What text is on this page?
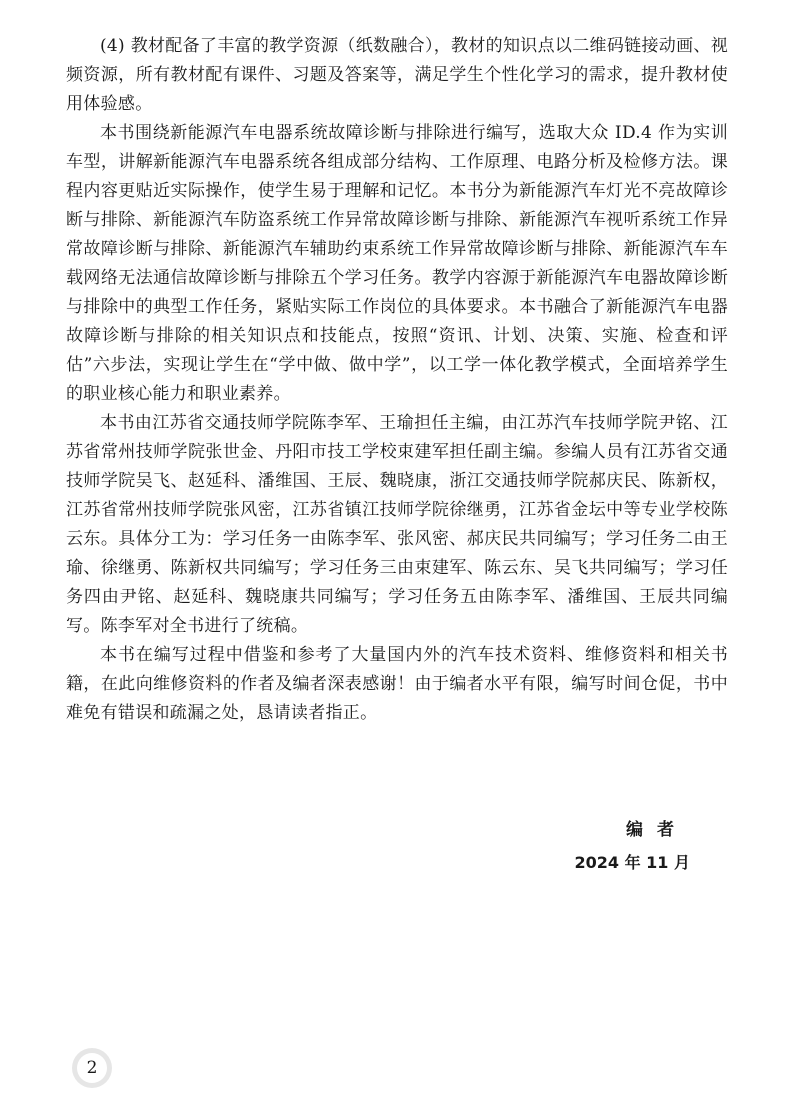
(4) 教材配备了丰富的教学资源（纸数融合），教材的知识点以二维码链接动画、视频资源，所有教材配有课件、习题及答案等，满足学生个性化学习的需求，提升教材使用体验感。

本书围绕新能源汽车电器系统故障诊断与排除进行编写，选取大众 ID.4 作为实训车型，讲解新能源汽车电器系统各组成部分结构、工作原理、电路分析及检修方法。课程内容更贴近实际操作，使学生易于理解和记忆。本书分为新能源汽车灯光不亮故障诊断与排除、新能源汽车防盗系统工作异常故障诊断与排除、新能源汽车视听系统工作异常故障诊断与排除、新能源汽车辅助约束系统工作异常故障诊断与排除、新能源汽车车载网络无法通信故障诊断与排除五个学习任务。教学内容源于新能源汽车电器故障诊断与排除中的典型工作任务，紧贴实际工作岗位的具体要求。本书融合了新能源汽车电器故障诊断与排除的相关知识点和技能点，按照“资讯、计划、决策、实施、检查和评估”六步法，实现让学生在“学中做、做中学”，以工学一体化教学模式，全面培养学生的职业核心能力和职业素养。

本书由江苏省交通技师学院陈李军、王瑜担任主编，由江苏汽车技师学院尹铭、江苏省常州技师学院张世金、丹阳市技工学校束建军担任副主编。参编人员有江苏省交通技师学院吴飞、赵延科、潘维国、王辰、魏晓康，浙江交通技师学院郝庆民、陈新权，江苏省常州技师学院张风密，江苏省镇江技师学院徐继勇，江苏省金坛中等专业学校陈云东。具体分工为：学习任务一由陈李军、张风密、郝庆民共同编写；学习任务二由王瑜、徐继勇、陈新权共同编写；学习任务三由束建军、陈云东、吴飞共同编写；学习任务四由尹铭、赵延科、魏晓康共同编写；学习任务五由陈李军、潘维国、王辰共同编写。陈李军对全书进行了统稿。

本书在编写过程中借鉴和参考了大量国内外的汽车技术资料、维修资料和相关书籍，在此向维修资料的作者及编者深表感谢！由于编者水平有限，编写时间仓促，书中难免有错误和疏漏之处，恳请读者指正。

编者
2024 年 11 月
2
